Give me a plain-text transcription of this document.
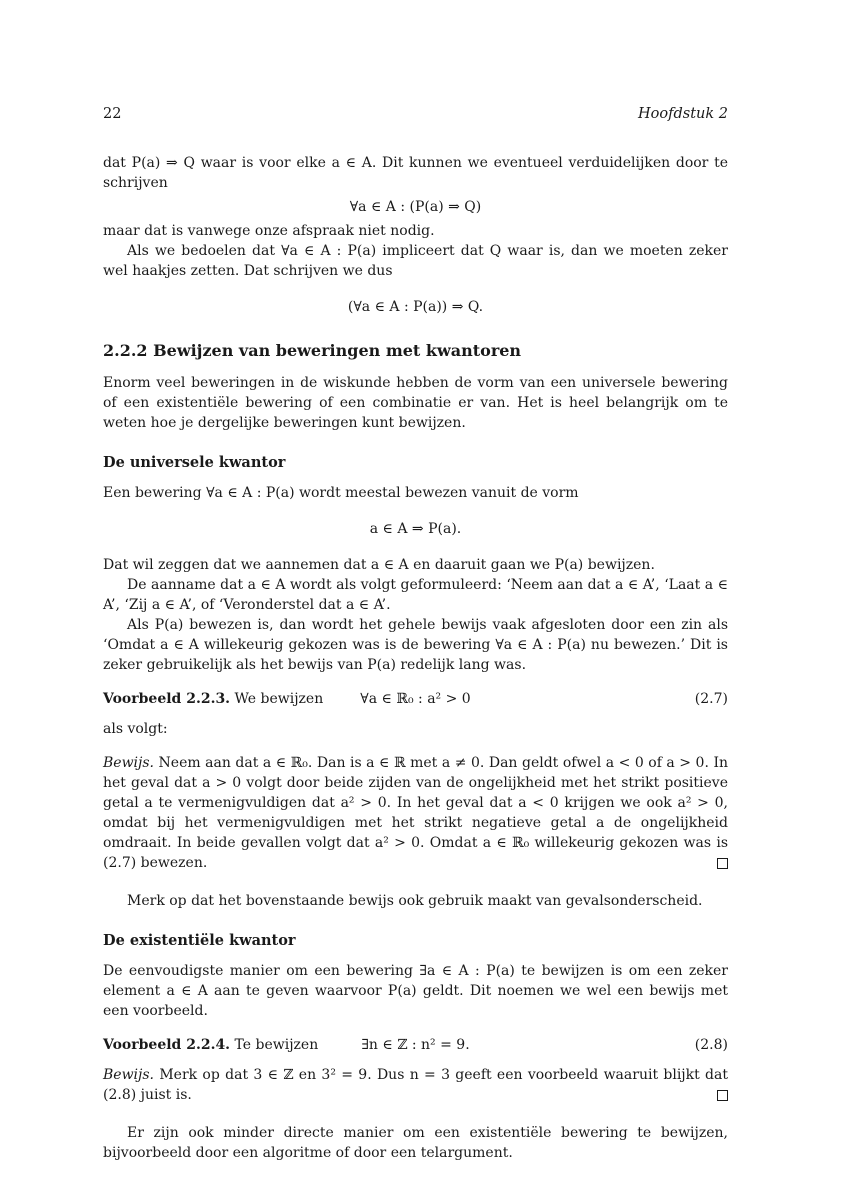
22	Hoofdstuk 2

dat P(a) ⇒ Q waar is voor elke a ∈ A. Dit kunnen we eventueel verduidelijken door te schrijven

∀a ∈ A : (P(a) ⇒ Q)

maar dat is vanwege onze afspraak niet nodig.

Als we bedoelen dat ∀a ∈ A : P(a) impliceert dat Q waar is, dan we moeten zeker wel haakjes zetten. Dat schrijven we dus

(∀a ∈ A : P(a)) ⇒ Q.
2.2.2 Bewijzen van beweringen met kwantoren

Enorm veel beweringen in de wiskunde hebben de vorm van een universele bewering of een existentiële bewering of een combinatie er van. Het is heel belangrijk om te weten hoe je dergelijke beweringen kunt bewijzen.

De universele kwantor

Een bewering ∀a ∈ A : P(a) wordt meestal bewezen vanuit de vorm

a ∈ A ⇒ P(a).

Dat wil zeggen dat we aannemen dat a ∈ A en daaruit gaan we P(a) bewijzen.

De aanname dat a ∈ A wordt als volgt geformuleerd: ‘Neem aan dat a ∈ A’, ‘Laat a ∈ A’, ‘Zij a ∈ A’, of ‘Veronderstel dat a ∈ A’.

Als P(a) bewezen is, dan wordt het gehele bewijs vaak afgesloten door een zin als ‘Omdat a ∈ A willekeurig gekozen was is de bewering ∀a ∈ A : P(a) nu bewezen.’ Dit is zeker gebruikelijk als het bewijs van P(a) redelijk lang was.

Voorbeeld 2.2.3. We bewijzen	∀a ∈ ℝ₀ : a² > 0	(2.7)

als volgt:

Bewijs. Neem aan dat a ∈ ℝ₀. Dan is a ∈ ℝ met a ≠ 0. Dan geldt ofwel a < 0 of a > 0. In het geval dat a > 0 volgt door beide zijden van de ongelijkheid met het strikt positieve getal a te vermenigvuldigen dat a² > 0. In het geval dat a < 0 krijgen we ook a² > 0, omdat bij het vermenigvuldigen met het strikt negatieve getal a de ongelijkheid omdraait. In beide gevallen volgt dat a² > 0. Omdat a ∈ ℝ₀ willekeurig gekozen was is (2.7) bewezen.

Merk op dat het bovenstaande bewijs ook gebruik maakt van gevalsonderscheid.

De existentiële kwantor

De eenvoudigste manier om een bewering ∃a ∈ A : P(a) te bewijzen is om een zeker element a ∈ A aan te geven waarvoor P(a) geldt. Dit noemen we wel een bewijs met een voorbeeld.

Voorbeeld 2.2.4. Te bewijzen	∃n ∈ ℤ : n² = 9.	(2.8)

Bewijs. Merk op dat 3 ∈ ℤ en 3² = 9. Dus n = 3 geeft een voorbeeld waaruit blijkt dat (2.8) juist is.

Er zijn ook minder directe manier om een existentiële bewering te bewijzen, bijvoorbeeld door een algoritme of door een telargument.
